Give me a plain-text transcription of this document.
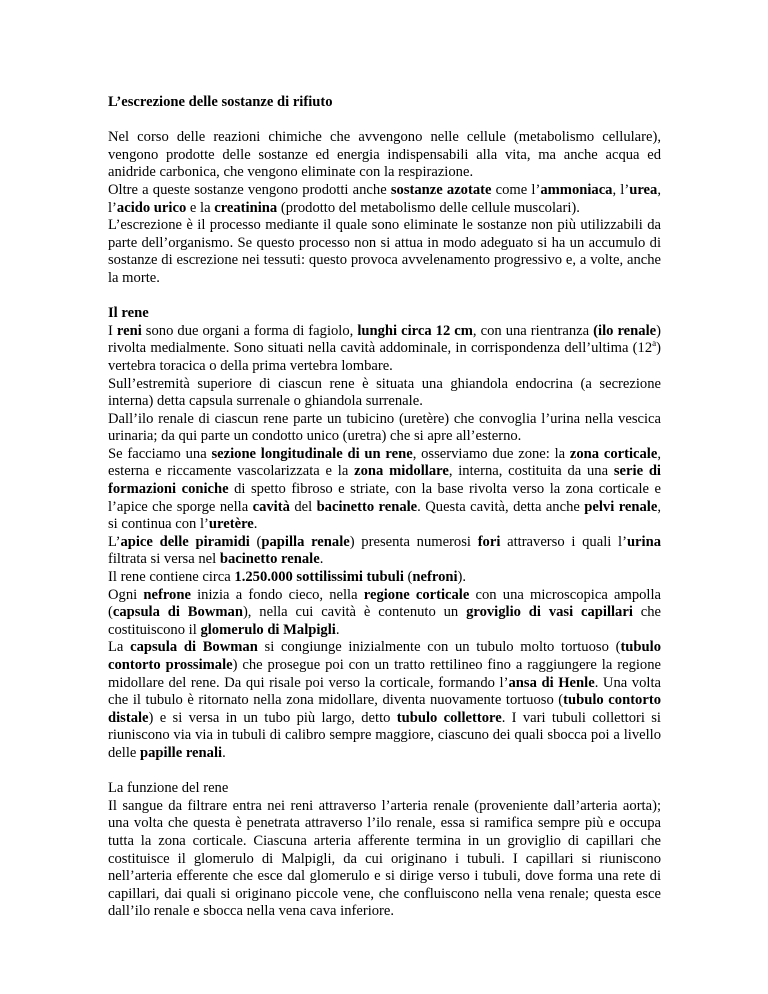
L’escrezione delle sostanze di rifiuto

Nel corso delle reazioni chimiche che avvengono nelle cellule (metabolismo cellulare), vengono prodotte delle sostanze ed energia indispensabili alla vita, ma anche acqua ed anidride carbonica, che vengono eliminate con la respirazione.

Oltre a queste sostanze vengono prodotti anche sostanze azotate come l’ammoniaca, l’urea, l’acido urico e la creatinina (prodotto del metabolismo delle cellule muscolari).

L’escrezione è il processo mediante il quale sono eliminate le sostanze non più utilizzabili da parte dell’organismo. Se questo processo non si attua in modo adeguato si ha un accumulo di sostanze di escrezione nei tessuti: questo provoca avvelenamento progressivo e, a volte, anche la morte.

Il rene

I reni sono due organi a forma di fagiolo, lunghi circa 12 cm, con una rientranza (ilo renale) rivolta medialmente. Sono situati nella cavità addominale, in corrispondenza dell’ultima (12$^a$) vertebra toracica o della prima vertebra lombare.

Sull’estremità superiore di ciascun rene è situata una ghiandola endocrina (a secrezione interna) detta capsula surrenale o ghiandola surrenale.

Dall’ilo renale di ciascun rene parte un tubicino (uretère) che convoglia l’urina nella vescica urinaria; da qui parte un condotto unico (uretra) che si apre all’esterno.

Se facciamo una sezione longitudinale di un rene, osserviamo due zone: la zona corticale, esterna e riccamente vascolarizzata e la zona midollare, interna, costituita da una serie di formazioni coniche di spetto fibroso e striate, con la base rivolta verso la zona corticale e l’apice che sporge nella cavità del bacinetto renale. Questa cavità, detta anche pelvi renale, si continua con l’uretère.

L’apice delle piramidi (papilla renale) presenta numerosi fori attraverso i quali l’urina filtrata si versa nel bacinetto renale.

Il rene contiene circa 1.250.000 sottilissimi tubuli (nefroni).

Ogni nefrone inizia a fondo cieco, nella regione corticale con una microscopica ampolla (capsula di Bowman), nella cui cavità è contenuto un groviglio di vasi capillari che costituiscono il glomerulo di Malpigli.

La capsula di Bowman si congiunge inizialmente con un tubulo molto tortuoso (tubulo contorto prossimale) che prosegue poi con un tratto rettilineo fino a raggiungere la regione midollare del rene. Da qui risale poi verso la corticale, formando l’ansa di Henle. Una volta che il tubulo è ritornato nella zona midollare, diventa nuovamente tortuoso (tubulo contorto distale) e si versa in un tubo più largo, detto tubulo collettore. I vari tubuli collettori si riuniscono via via in tubuli di calibro sempre maggiore, ciascuno dei quali sbocca poi a livello delle papille renali.

La funzione del rene

Il sangue da filtrare entra nei reni attraverso l’arteria renale (proveniente dall’arteria aorta); una volta che questa è penetrata attraverso l’ilo renale, essa si ramifica sempre più e occupa tutta la zona corticale. Ciascuna arteria afferente termina in un groviglio di capillari che costituisce il glomerulo di Malpigli, da cui originano i tubuli. I capillari si riuniscono nell’arteria efferente che esce dal glomerulo e si dirige verso i tubuli, dove forma una rete di capillari, dai quali si originano piccole vene, che confluiscono nella vena renale; questa esce dall’ilo renale e sbocca nella vena cava inferiore.
